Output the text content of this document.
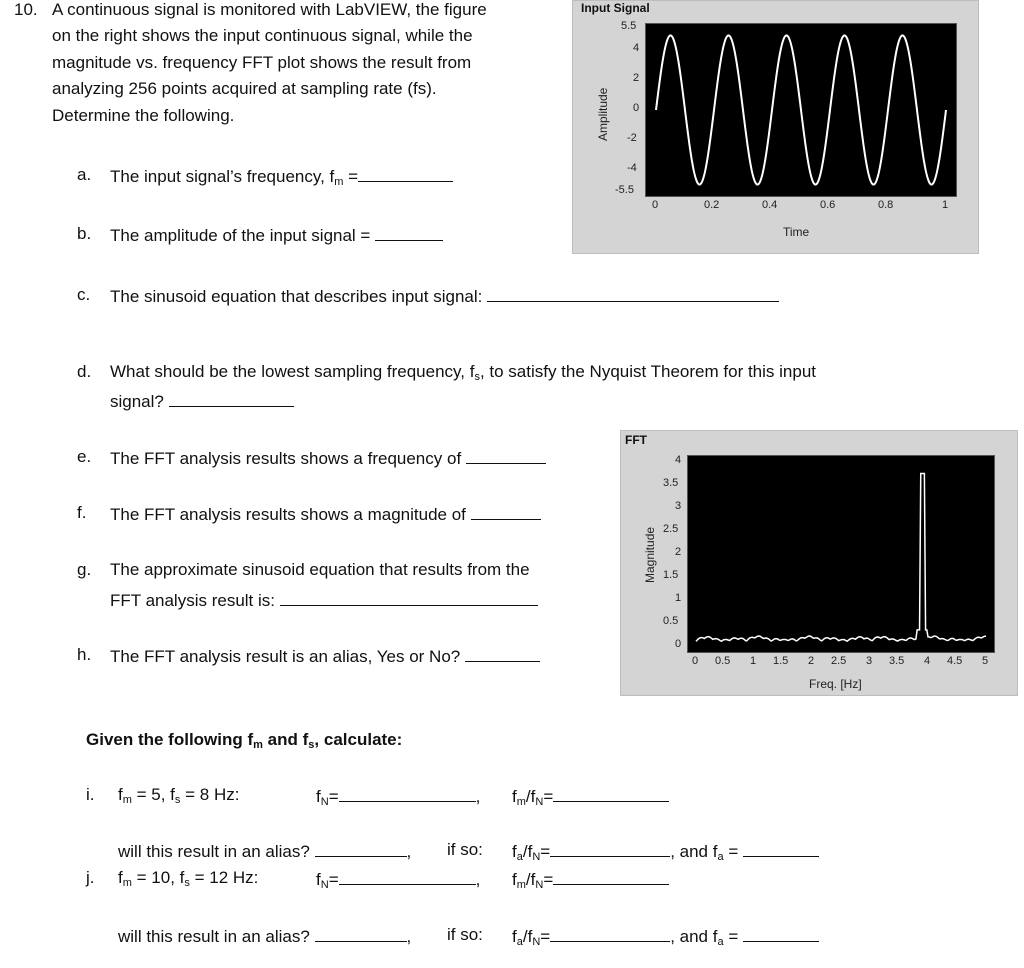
10. A continuous signal is monitored with LabVIEW, the figure
on the right shows the input continuous signal, while the
magnitude vs. frequency FFT plot shows the result from
analyzing 256 points acquired at sampling rate (fs).
Determine the following.
a. The input signal’s frequency, $f_m$ =
b. The amplitude of the input signal =
c. The sinusoid equation that describes input signal:
d. What should be the lowest sampling frequency, $f_s$, to satisfy the Nyquist Theorem for this input
signal?
e. The FFT analysis results shows a frequency of
f. The FFT analysis results shows a magnitude of
g. The approximate sinusoid equation that results from the
FFT analysis result is:
h. The FFT analysis result is an alias, Yes or No?
Given the following $f_m$ and $f_s$, calculate:
i. $f_m = 5$, $f_s = 8$ Hz:	$f_N=$	, $f_m/f_N=$
will this result in an alias?	, if so: $f_a/f_N=$	, and $f_a$ =
j. $f_m = 10$, $f_s = 12$ Hz:	$f_N=$	, $f_m/f_N=$
will this result in an alias?	, if so: $f_a/f_N=$	, and $f_a$ =
Input Signal
Amplitude
5.5
4
2
0
-2
-4
-5.5
0	0.2	0.4	0.6	0.8	1
Time
FFT
Magnitude
4
3.5
3
2.5
2
1.5
1
0.5
0
0 0.5 1 1.5 2 2.5 3 3.5 4 4.5 5
Freq. [Hz]
